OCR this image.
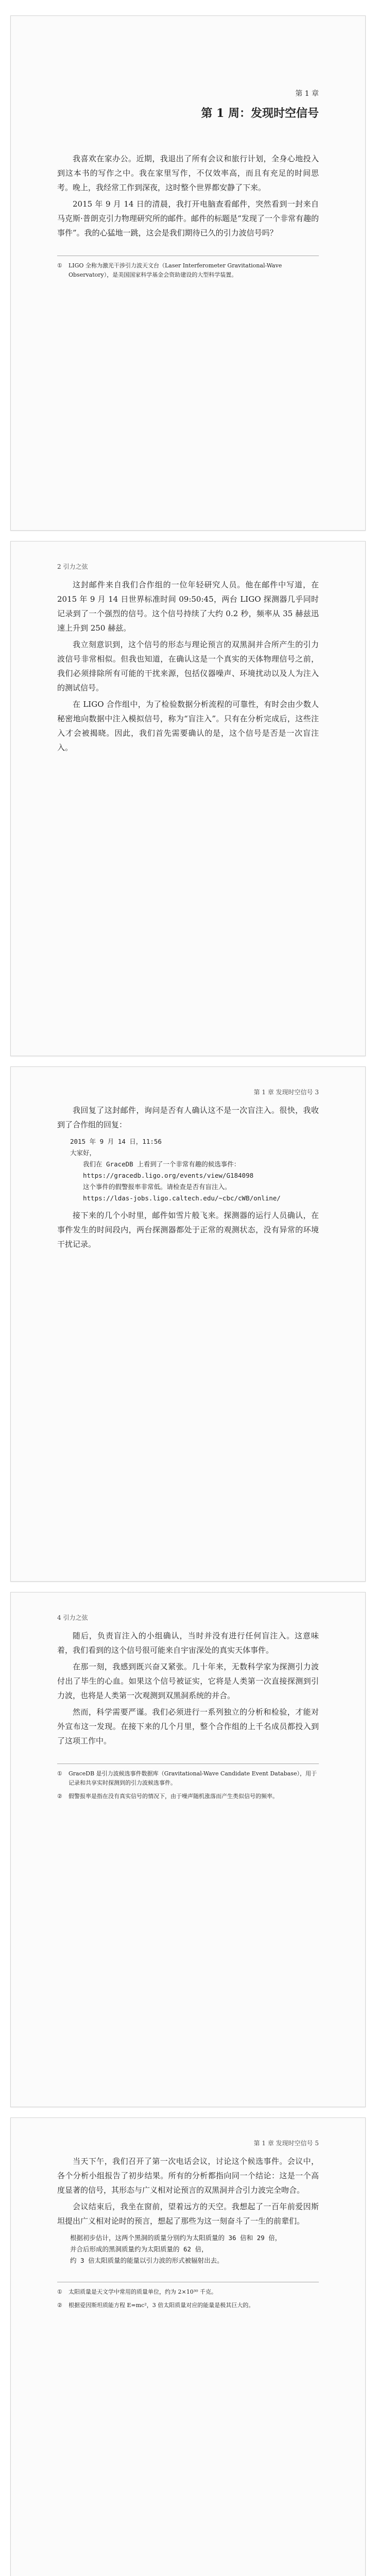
第 1 章
第 1 周：发现时空信号

我喜欢在家办公。近期，我退出了所有会议和旅行计划，全身心地投入到这本书的写作之中。我在家里写作，不仅效率高，而且有充足的时间思考。晚上，我经常工作到深夜，这时整个世界都安静了下来。

2015 年 9 月 14 日的清晨，我打开电脑查看邮件，突然看到一封来自马克斯·普朗克引力物理研究所的邮件。邮件的标题是“发现了一个非常有趣的事件”。我的心猛地一跳，这会是我们期待已久的引力波信号吗？

①	LIGO 全称为激光干涉引力波天文台（Laser Interferometer Gravitational-Wave Observatory），是美国国家科学基金会资助建设的大型科学装置。
2 引力之弦

这封邮件来自我们合作组的一位年轻研究人员。他在邮件中写道，在 2015 年 9 月 14 日世界标准时间 09:50:45，两台 LIGO 探测器几乎同时记录到了一个强烈的信号。这个信号持续了大约 0.2 秒，频率从 35 赫兹迅速上升到 250 赫兹。

我立刻意识到，这个信号的形态与理论预言的双黑洞并合所产生的引力波信号非常相似。但我也知道，在确认这是一个真实的天体物理信号之前，我们必须排除所有可能的干扰来源，包括仪器噪声、环境扰动以及人为注入的测试信号。

在 LIGO 合作组中，为了检验数据分析流程的可靠性，有时会由少数人秘密地向数据中注入模拟信号，称为“盲注入”。只有在分析完成后，这些注入才会被揭晓。因此，我们首先需要确认的是，这个信号是否是一次盲注入。

第 1 章 发现时空信号 3

我回复了这封邮件，询问是否有人确认这不是一次盲注入。很快，我收到了合作组的回复：

2015 年 9 月 14 日，11:56
大家好，
我们在 GraceDB 上看到了一个非常有趣的候选事件：
https://gracedb.ligo.org/events/view/G184098
这个事件的假警报率非常低。请检查是否有盲注入。
https://ldas-jobs.ligo.caltech.edu/~cbc/cWB/online/

接下来的几个小时里，邮件如雪片般飞来。探测器的运行人员确认，在事件发生的时间段内，两台探测器都处于正常的观测状态，没有异常的环境干扰记录。

4 引力之弦

随后，负责盲注入的小组确认，当时并没有进行任何盲注入。这意味着，我们看到的这个信号很可能来自宇宙深处的真实天体事件。

在那一刻，我感到既兴奋又紧张。几十年来，无数科学家为探测引力波付出了毕生的心血。如果这个信号被证实，它将是人类第一次直接探测到引力波，也将是人类第一次观测到双黑洞系统的并合。

然而，科学需要严谨。我们必须进行一系列独立的分析和检验，才能对外宣布这一发现。在接下来的几个月里，整个合作组的上千名成员都投入到了这项工作中。

①	GraceDB 是引力波候选事件数据库（Gravitational-Wave Candidate Event Database），用于记录和共享实时探测到的引力波候选事件。
②	假警报率是指在没有真实信号的情况下，由于噪声随机涨落而产生类似信号的频率。
第 1 章 发现时空信号 5

当天下午，我们召开了第一次电话会议，讨论这个候选事件。会议中，各个分析小组报告了初步结果。所有的分析都指向同一个结论：这是一个高度显著的信号，其形态与广义相对论预言的双黑洞并合引力波完全吻合。

会议结束后，我坐在窗前，望着远方的天空。我想起了一百年前爱因斯坦提出广义相对论时的预言，想起了那些为这一刻奋斗了一生的前辈们。

根据初步估计，这两个黑洞的质量分别约为太阳质量的 36 倍和 29 倍，
并合后形成的黑洞质量约为太阳质量的 62 倍，
约 3 倍太阳质量的能量以引力波的形式被辐射出去。
①	太阳质量是天文学中常用的质量单位，约为 2×10³⁰ 千克。
②	根据爱因斯坦质能方程 E=mc²，3 倍太阳质量对应的能量是极其巨大的。
